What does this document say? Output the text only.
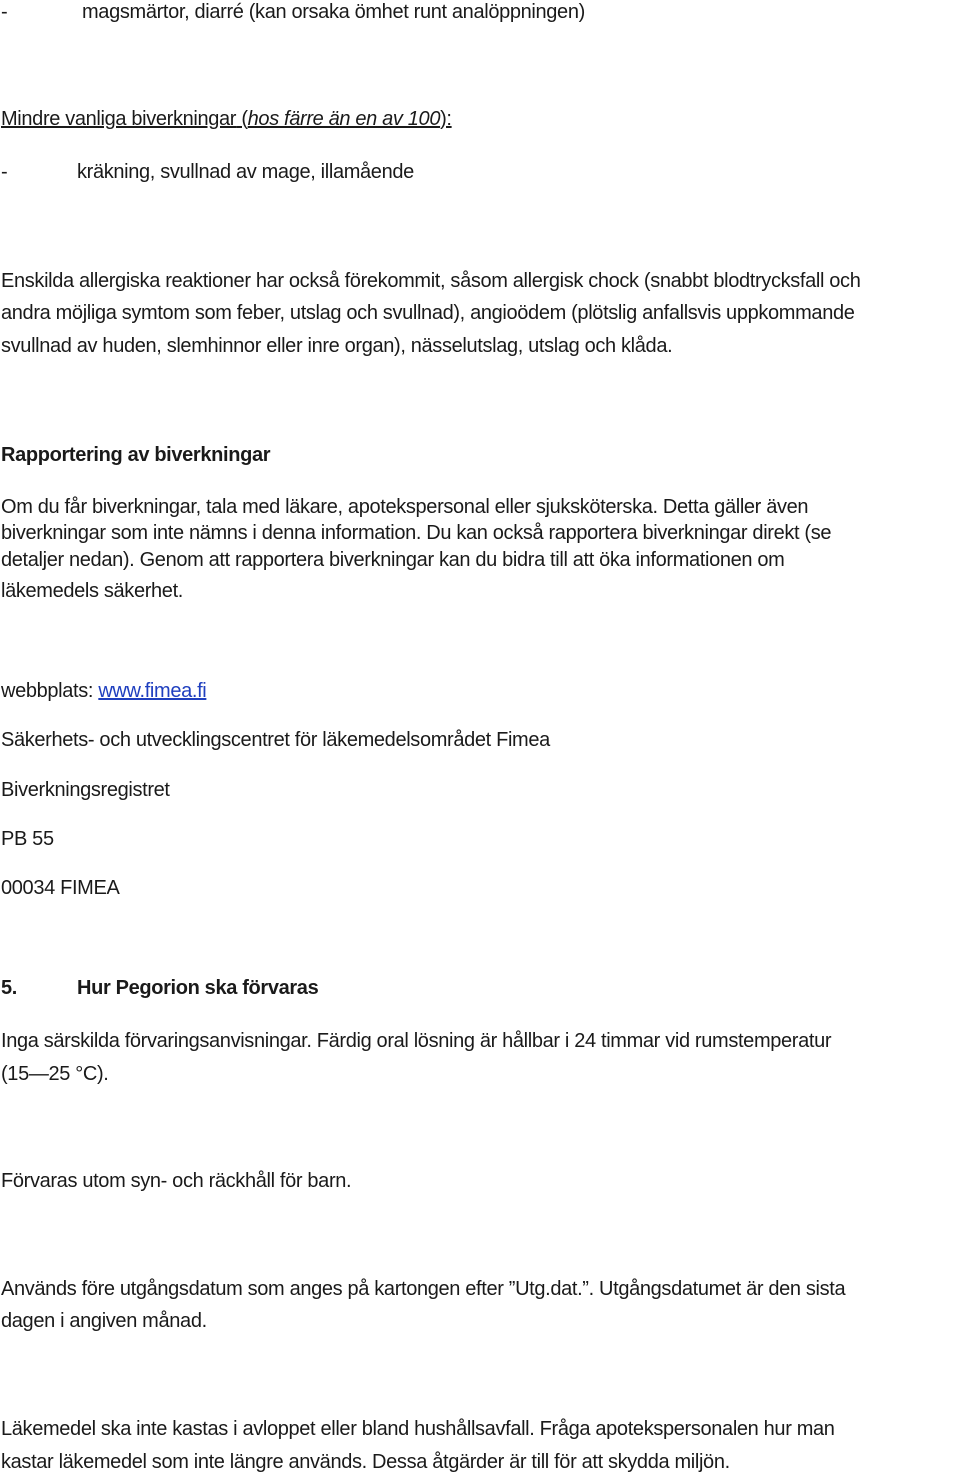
-	magsmärtor, diarré (kan orsaka ömhet runt analöppningen)
Mindre vanliga biverkningar (hos färre än en av 100):
-	kräkning, svullnad av mage, illamående
Enskilda allergiska reaktioner har också förekommit, såsom allergisk chock (snabbt blodtrycksfall och
andra möjliga symtom som feber, utslag och svullnad), angioödem (plötslig anfallsvis uppkommande
svullnad av huden, slemhinnor eller inre organ), nässelutslag, utslag och klåda.
Rapportering av biverkningar
Om du får biverkningar, tala med läkare, apotekspersonal eller sjuksköterska. Detta gäller även
biverkningar som inte nämns i denna information. Du kan också rapportera biverkningar direkt (se
detaljer nedan). Genom att rapportera biverkningar kan du bidra till att öka informationen om
läkemedels säkerhet.
webbplats: www.fimea.fi
Säkerhets- och utvecklingscentret för läkemedelsområdet Fimea
Biverkningsregistret
PB 55
00034 FIMEA
5.	Hur Pegorion ska förvaras
Inga särskilda förvaringsanvisningar. Färdig oral lösning är hållbar i 24 timmar vid rumstemperatur
(15—25 °C).
Förvaras utom syn- och räckhåll för barn.
Används före utgångsdatum som anges på kartongen efter ”Utg.dat.”. Utgångsdatumet är den sista
dagen i angiven månad.
Läkemedel ska inte kastas i avloppet eller bland hushållsavfall. Fråga apotekspersonalen hur man
kastar läkemedel som inte längre används. Dessa åtgärder är till för att skydda miljön.
